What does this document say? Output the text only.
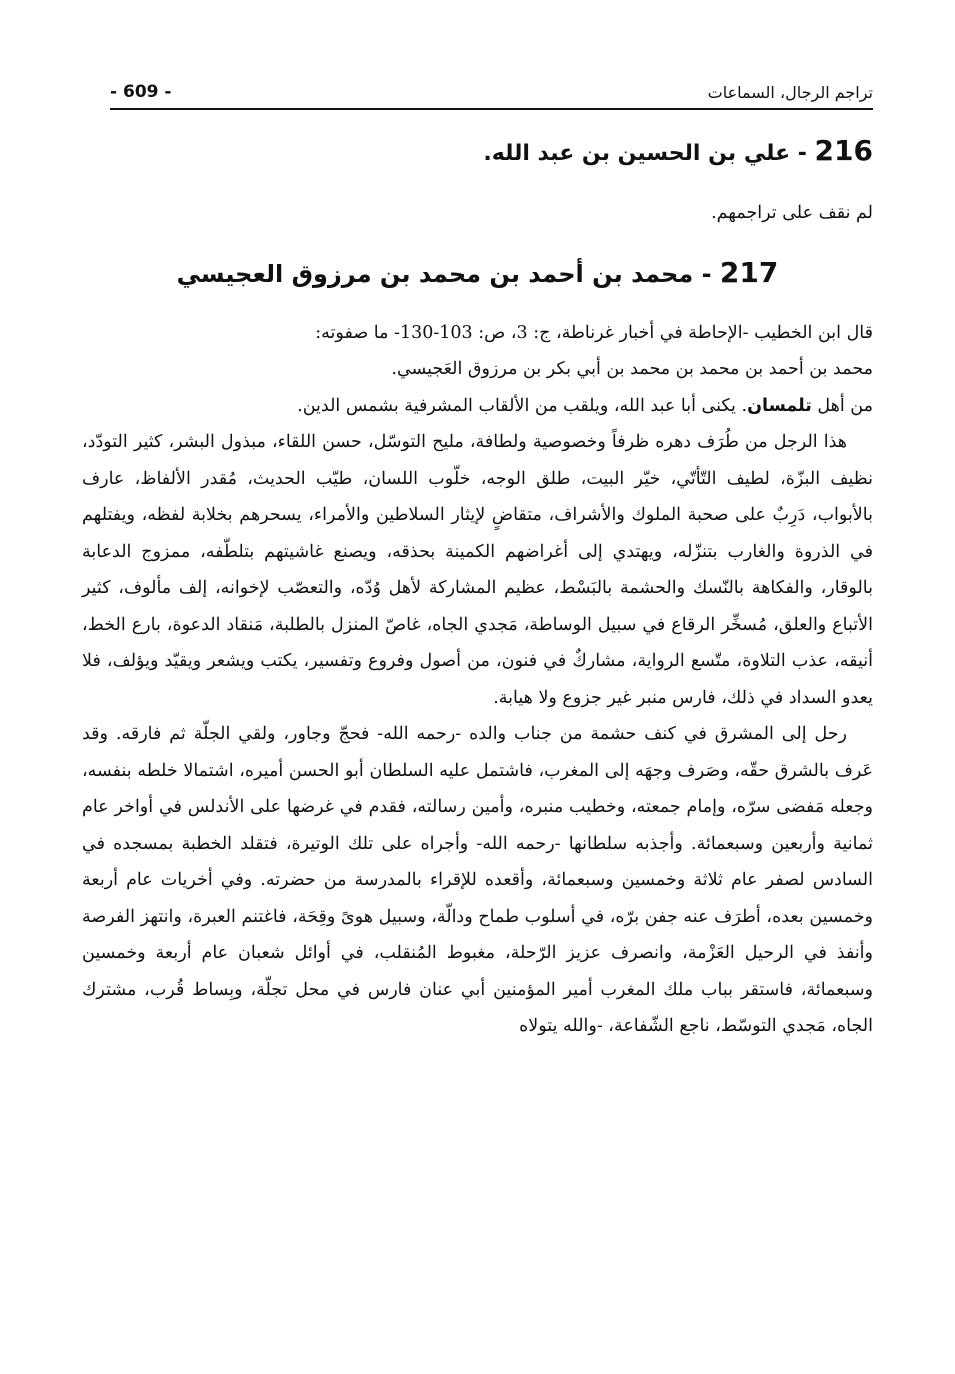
تراجم الرجال، السماعات
- 609 -
216 - علي بن الحسين بن عبد الله.

لم نقف على تراجمهم.

217 - محمد بن أحمد بن محمد بن مرزوق العجيسي

قال ابن الخطيب -الإحاطة في أخبار غرناطة، ج: 3، ص: 103-130- ما صفوته:

محمد بن أحمد بن محمد بن محمد بن أبي بكر بن مرزوق العَجيسي.

من أهل تلمسان. يكنى أبا عبد الله، ويلقب من الألقاب المشرفية بشمس الدين.

هذا الرجل من طُرَف دهره ظرفاً وخصوصية ولطافة، مليح التوسّل، حسن اللقاء، مبذول البشر، كثير التودّد، نظيف البزّة، لطيف التّأتّي، خيّر البيت، طلق الوجه، خلّوب اللسان، طيّب الحديث، مُقدر الألفاظ، عارف بالأبواب، دَرِبٌ على صحبة الملوك والأشراف، متقاضٍ لإيثار السلاطين والأمراء، يسحرهم بخلابة لفظه، ويفتلهم في الذروة والغارب بتنزّله، ويهتدي إلى أغراضهم الكمينة بحذقه، ويصنع غاشيتهم بتلطّفه، ممزوج الدعابة بالوقار، والفكاهة بالنّسك والحشمة بالبَسْط، عظيم المشاركة لأهل وُدّه، والتعصّب لإخوانه، إلف مألوف، كثير الأتباع والعلق، مُسخِّر الرقاع في سبيل الوساطة، مَجدي الجاه، غاصّ المنزل بالطلبة، مَنقاد الدعوة، بارع الخط، أنيقه، عذب التلاوة، متّسع الرواية، مشاركٌ في فنون، من أصول وفروع وتفسير، يكتب ويشعر ويقيّد ويؤلف، فلا يعدو السداد في ذلك، فارس منبر غير جزوع ولا هيابة.

رحل إلى المشرق في كنف حشمة من جناب والده -رحمه الله- فحجّ وجاور، ولقي الجلّة ثم فارقه. وقد عَرف بالشرق حقّه، وصَرف وجهَه إلى المغرب، فاشتمل عليه السلطان أبو الحسن أميره، اشتمالا خلطه بنفسه، وجعله مَفضى سرّه، وإمام جمعته، وخطيب منبره، وأمين رسالته، فقدم في غرضها على الأندلس في أواخر عام ثمانية وأربعين وسبعمائة. وأجذبه سلطانها -رحمه الله- وأجراه على تلك الوتيرة، فتقلد الخطبة بمسجده في السادس لصفر عام ثلاثة وخمسين وسبعمائة، وأقعده للإقراء بالمدرسة من حضرته. وفي أخريات عام أربعة وخمسين بعده، أطرَف عنه جفن برّه، في أسلوب طماح ودالّة، وسبيل هوىً وقِحَة، فاغتنم العبرة، وانتهز الفرصة وأنفذ في الرحيل العَزْمة، وانصرف عزيز الرّحلة، مغبوط المُنقلب، في أوائل شعبان عام أربعة وخمسين وسبعمائة، فاستقر بباب ملك المغرب أمير المؤمنين أبي عنان فارس في محل تجلّة، وبِساط قُرب، مشترك الجاه، مَجدي التوسّط، ناجع الشّفاعة، -والله يتولاه
